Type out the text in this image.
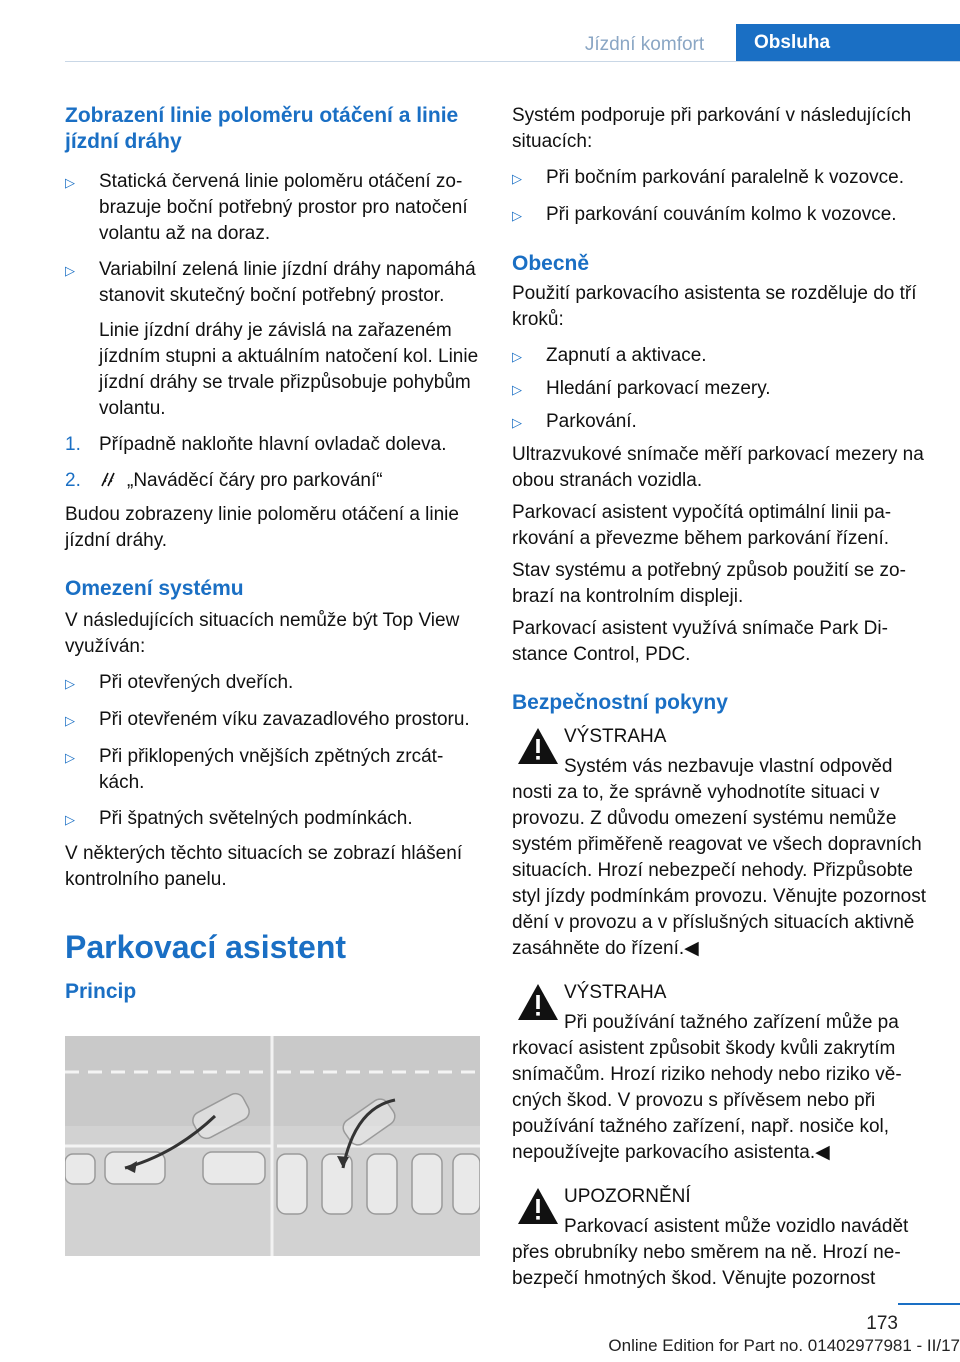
Jízdní komfort	Obsluha
Zobrazení linie poloměru otáčení a linie jízdní dráhy
▷	Statická červená linie poloměru otáčení zobrazuje boční potřebný prostor pro natočení volantu až na doraz.
▷	Variabilní zelená linie jízdní dráhy napomáhá stanovit skutečný boční potřebný prostor.

Linie jízdní dráhy je závislá na zařazeném jízdním stupni a aktuálním natočení kol. Linie jízdní dráhy se trvale přizpůsobuje pohybům volantu.

1. Případně nakloňte hlavní ovladač doleva.
2.	„Naváděcí čáry pro parkování“

Budou zobrazeny linie poloměru otáčení a linie jízdní dráhy.

Omezení systému

V následujících situacích nemůže být Top View využíván:

▷	Při otevřených dveřích.
▷	Při otevřeném víku zavazadlového prostoru.
▷	Při přiklopených vnějších zpětných zrcátkách.
▷	Při špatných světelných podmínkách.

V některých těchto situacích se zobrazí hlášení kontrolního panelu.

Parkovací asistent
Princip

Systém podporuje při parkování v následujících situacích:

▷	Při bočním parkování paralelně k vozovce.
▷	Při parkování couváním kolmo k vozovce.
Obecně

Použití parkovacího asistenta se rozděluje do tří kroků:

▷	Zapnutí a aktivace.
▷	Hledání parkovací mezery.
▷	Parkování.

Ultrazvukové snímače měří parkovací mezery na obou stranách vozidla.

Parkovací asistent vypočítá optimální linii parkování a převezme během parkování řízení.

Stav systému a potřebný způsob použití se zobrazí na kontrolním displeji.

Parkovací asistent využívá snímače Park Distance Control, PDC.

Bezpečnostní pokyny

VÝSTRAHA

Systém vás nezbavuje vlastní odpověd

nosti za to, že správně vyhodnotíte situaci v provozu. Z důvodu omezení systému nemůže systém přiměřeně reagovat ve všech dopravních situacích. Hrozí nebezpečí nehody. Přizpůsobte styl jízdy podmínkám provozu. Věnujte pozornost dění v provozu a v příslušných situacích aktivně zasáhněte do řízení.◀

VÝSTRAHA

Při používání tažného zařízení může pa

rkovací asistent způsobit škody kvůli zakrytím snímačům. Hrozí riziko nehody nebo riziko věcných škod. V provozu s přívěsem nebo při používání tažného zařízení, např. nosiče kol, nepoužívejte parkovacího asistenta.◀

UPOZORNĚNÍ

Parkovací asistent může vozidlo navádět

přes obrubníky nebo směrem na ně. Hrozí nebezpečí hmotných škod. Věnujte pozornost

173
Online Edition for Part no. 01402977981 - II/17
